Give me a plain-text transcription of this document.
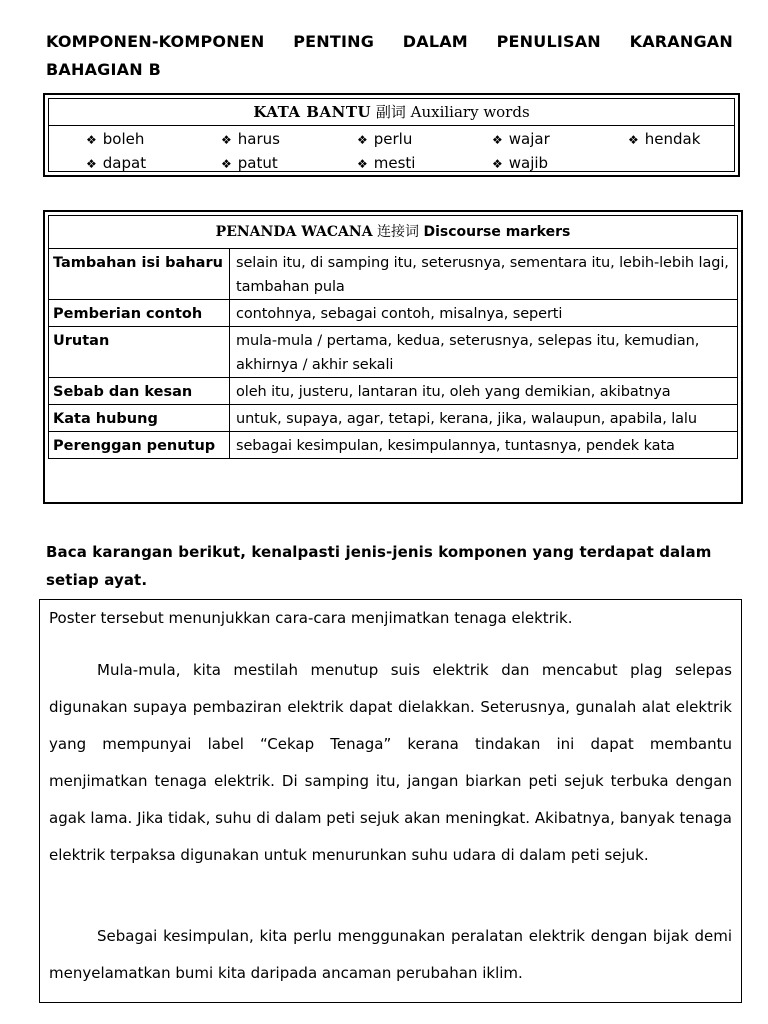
KOMPONEN-KOMPONEN PENTING DALAM PENULISAN KARANGAN
BAHAGIAN B
KATA BANTU 副词 Auxiliary words
❖ boleh	❖ harus	❖ perlu	❖ wajar	❖ hendak
❖ dapat	❖ patut	❖ mesti	❖ wajib
PENANDA WACANA 连接词 Discourse markers	
Tambahan isi baharu	selain itu, di samping itu, seterusnya, sementara itu, lebih-lebih lagi, tambahan pula
Pemberian contoh	contohnya, sebagai contoh, misalnya, seperti
Urutan	mula-mula / pertama, kedua, seterusnya, selepas itu, kemudian, akhirnya / akhir sekali
Sebab dan kesan	oleh itu, justeru, lantaran itu, oleh yang demikian, akibatnya
Kata hubung	untuk, supaya, agar, tetapi, kerana, jika, walaupun, apabila, lalu
Perenggan penutup	sebagai kesimpulan, kesimpulannya, tuntasnya, pendek kata
Baca karangan berikut, kenalpasti jenis-jenis komponen yang terdapat dalam setiap ayat.

Poster tersebut menunjukkan cara-cara menjimatkan tenaga elektrik.

Mula-mula, kita mestilah menutup suis elektrik dan mencabut plag selepas digunakan supaya pembaziran elektrik dapat dielakkan. Seterusnya, gunalah alat elektrik yang mempunyai label “Cekap Tenaga” kerana tindakan ini dapat membantu menjimatkan tenaga elektrik. Di samping itu, jangan biarkan peti sejuk terbuka dengan agak lama. Jika tidak, suhu di dalam peti sejuk akan meningkat. Akibatnya, banyak tenaga elektrik terpaksa digunakan untuk menurunkan suhu udara di dalam peti sejuk.

Sebagai kesimpulan, kita perlu menggunakan peralatan elektrik dengan bijak demi menyelamatkan bumi kita daripada ancaman perubahan iklim.
